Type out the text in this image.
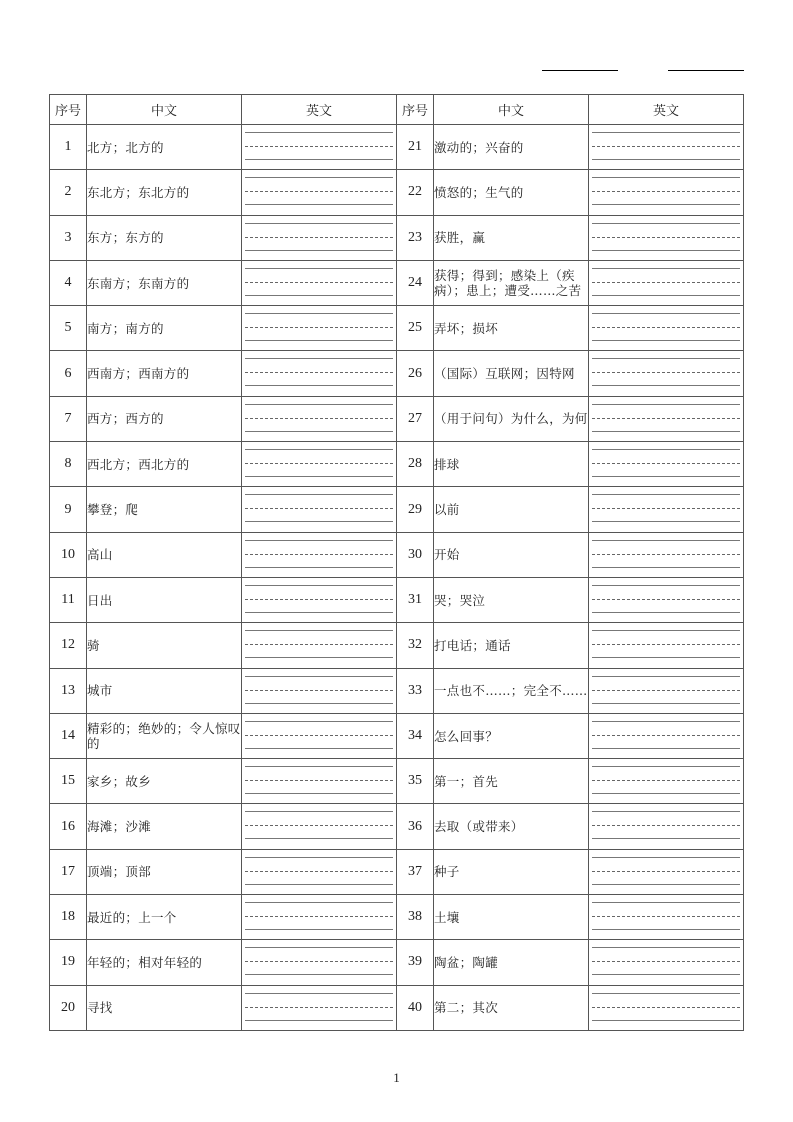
序号	中文	英文	序号	中文	英文
1	北方；北方的		21	激动的；兴奋的	

2	东北方；东北方的		22	愤怒的；生气的	

3	东方；东方的		23	获胜，赢	

4	东南方；东南方的		24	获得；得到；感染上（疾病）；患上；遭受……之苦	

5	南方；南方的		25	弄坏；损坏	

6	西南方；西南方的		26	（国际）互联网；因特网	

7	西方；西方的		27	（用于问句）为什么，为何	

8	西北方；西北方的		28	排球	

9	攀登；爬		29	以前	

10	高山		30	开始	

11	日出		31	哭；哭泣	

12	骑		32	打电话；通话	

13	城市		33	一点也不……；完全不……	

14	精彩的；绝妙的；令人惊叹的		34	怎么回事？	

15	家乡；故乡		35	第一；首先	

16	海滩；沙滩		36	去取（或带来）	

17	顶端；顶部		37	种子	

18	最近的；上一个		38	土壤	

19	年轻的；相对年轻的		39	陶盆；陶罐	

20	寻找		40	第二；其次	
1
